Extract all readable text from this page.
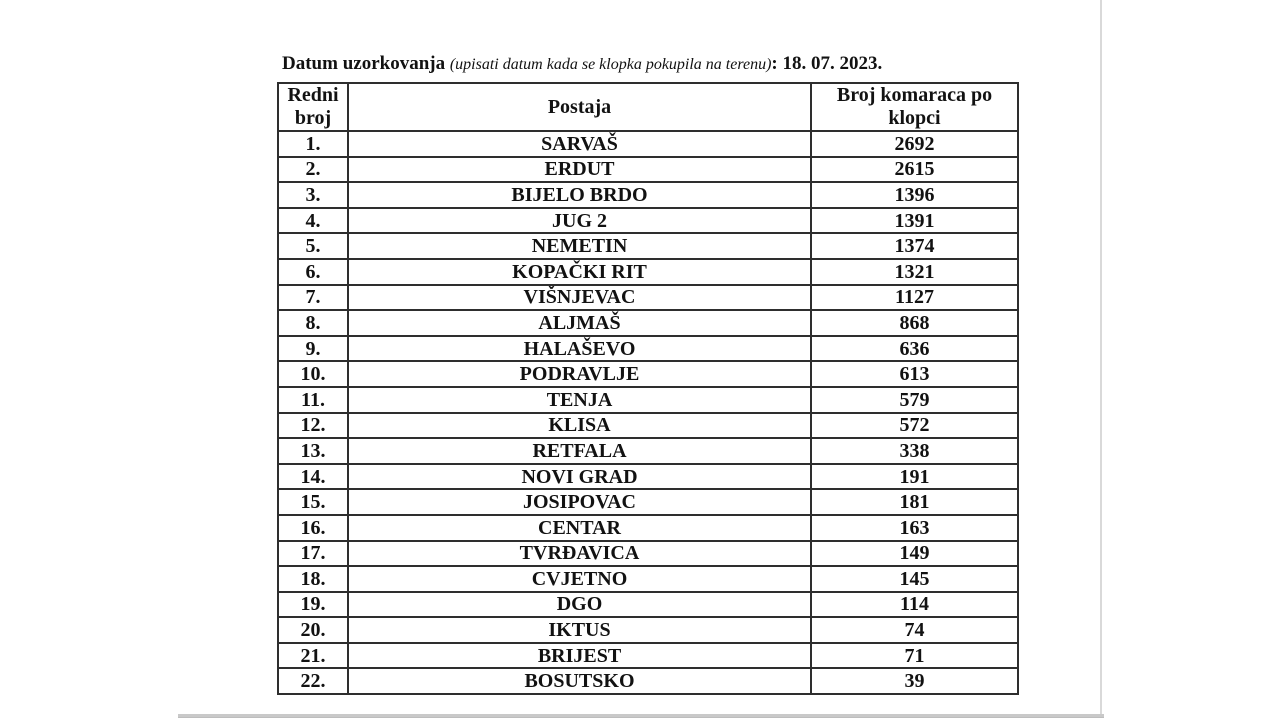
Datum uzorkovanja (upisati datum kada se klopka pokupila na terenu): 18. 07. 2023.

Redni broj	Postaja	Broj komaraca po klopci
1.	SARVAŠ	2692
2.	ERDUT	2615
3.	BIJELO BRDO	1396
4.	JUG 2	1391
5.	NEMETIN	1374
6.	KOPAČKI RIT	1321
7.	VIŠNJEVAC	1127
8.	ALJMAŠ	868
9.	HALAŠEVO	636
10.	PODRAVLJE	613
11.	TENJA	579
12.	KLISA	572
13.	RETFALA	338
14.	NOVI GRAD	191
15.	JOSIPOVAC	181
16.	CENTAR	163
17.	TVRĐAVICA	149
18.	CVJETNO	145
19.	DGO	114
20.	IKTUS	74
21.	BRIJEST	71
22.	BOSUTSKO	39
